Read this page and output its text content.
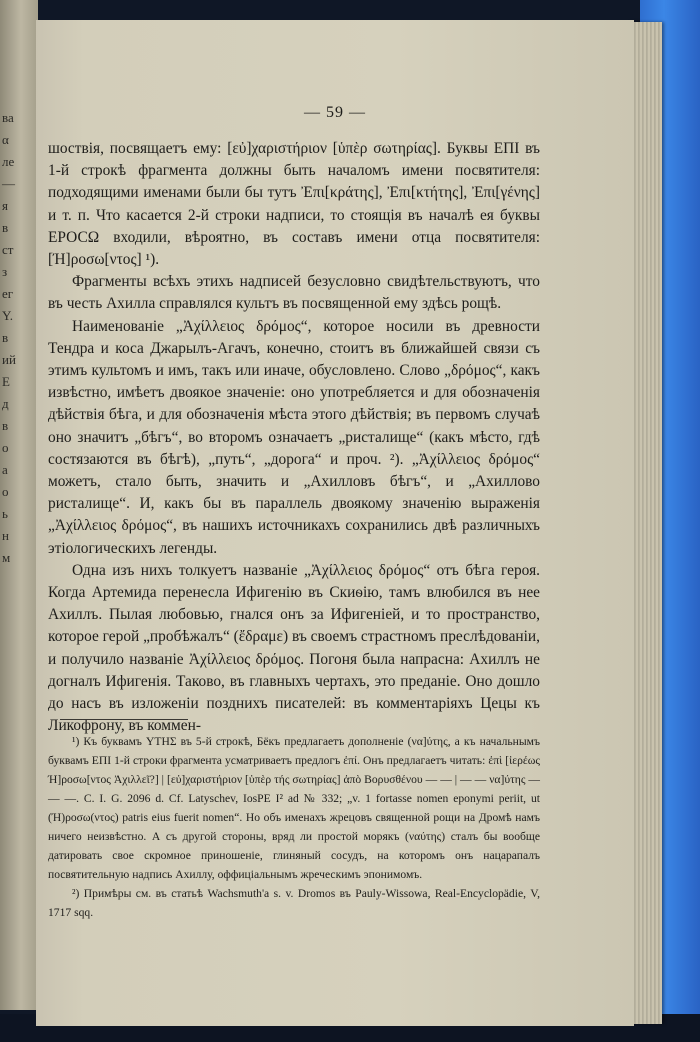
ва
α
ле
—
я
в
ст
з
ег
Y.
в
ий
Е
д
в
о
а
о
ь
н
м
— 59 —

шоствія, посвящаетъ ему: [εὐ]χαριστήριον [ὑπὲρ σωτηρίας]. Буквы ЕПІ въ 1-й строкѣ фрагмента должны быть началомъ имени посвятителя: подходящими именами были бы тутъ Ἐπι[κράτης], Ἐπι[κτήτης], Ἐπι[γένης] и т. п. Что касается 2-й строки надписи, то стоящія въ началѣ ея буквы ЕРОСΩ входили, вѣроятно, въ составъ имени отца посвятителя: [Ή]ροσω[ντος] ¹).

Фрагменты всѣхъ этихъ надписей безусловно свидѣтельствуютъ, что въ честь Ахилла справлялся культъ въ посвященной ему здѣсь рощѣ.

Наименованіе „Ἀχίλλειος δρόμος“, которое носили въ древности Тендра и коса Джарылъ-Агачъ, конечно, стоитъ въ ближайшей связи съ этимъ культомъ и имъ, такъ или иначе, обусловлено. Слово „δρόμος“, какъ извѣстно, имѣетъ двоякое значеніе: оно употребляется и для обозначенія дѣйствія бѣга, и для обозначенія мѣста этого дѣйствія; въ первомъ случаѣ оно значитъ „бѣгъ“, во второмъ означаетъ „ристалище“ (какъ мѣсто, гдѣ состязаются въ бѣгѣ), „путь“, „дорога“ и проч. ²). „Ἀχίλλειος δρόμος“ можетъ, стало быть, значить и „Ахилловъ бѣгъ“, и „Ахиллово ристалище“. И, какъ бы въ параллель двоякому значенію выраженія „Ἀχίλλειος δρόμος“, въ нашихъ источникахъ сохранились двѣ различныхъ этіологическихъ легенды.

Одна изъ нихъ толкуетъ названіе „Ἀχίλλειος δρόμος“ отъ бѣга героя. Когда Артемида перенесла Ифигенію въ Скиѳію, тамъ влюбился въ нее Ахиллъ. Пылая любовью, гнался онъ за Ифигеніей, и то пространство, которое герой „пробѣжалъ“ (ἔδραμε) въ своемъ страстномъ преслѣдованіи, и получило названіе Ἀχίλλειος δρόμος. Погоня была напрасна: Ахиллъ не догналъ Ифигенія. Таково, въ главныхъ чертахъ, это преданіе. Оно дошло до насъ въ изложеніи позднихъ писателей: въ комментаріяхъ Цецы къ Ликофрону, въ коммен-

¹) Къ буквамъ ΥΤΗΣ въ 5-й строкѣ, Бёкъ предлагаетъ дополненіе (να]ύτης, а къ начальнымъ буквамъ ЕПІ 1-й строки фрагмента усматриваетъ предлогъ ἐπί. Онъ предлагаетъ читать: ἐπὶ [ἱερέως Ή]ροσω[ντος Ἀχιλλεῖ?] | [εὐ]χαριστήριον [ὑπὲρ τής σωτηρίας] ἀπὸ Βορυσθένου — — | — — να]ύτης — — —. C. I. G. 2096 d. Cf. Latyschev, IosPE I² ad № 332; „v. 1 fortasse nomen eponymi periit, ut (Ή)ροσω(ντος) patris eius fuerit nomen“. Но объ именахъ жрецовъ священной рощи на Дромѣ намъ ничего неизвѣстно. А съ другой стороны, вряд ли простой морякъ (ναύτης) сталъ бы вообще датировать свое скромное приношеніе, глиняный сосудъ, на которомъ онъ нацарапалъ посвятительную надпись Ахиллу, оффиціальнымъ жреческимъ эпонимомъ.

²) Примѣры см. въ статьѣ Wachsmuth'а s. v. Dromos въ Pauly-Wissowa, Real-Encyclopädie, V, 1717 sqq.
